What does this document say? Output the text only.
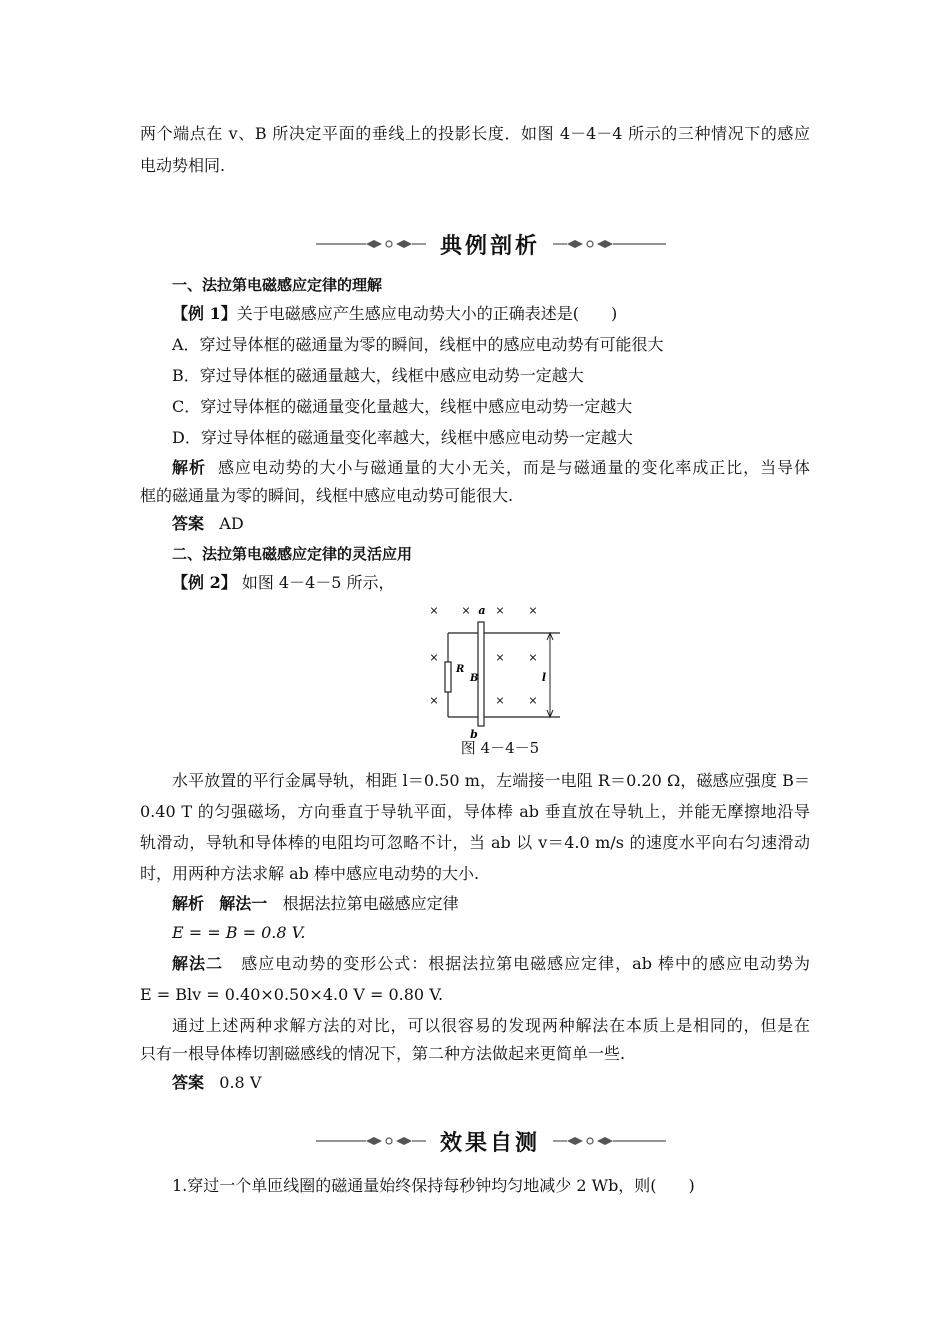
两个端点在 v、B 所决定平面的垂线上的投影长度．如图 4－4－4 所示的三种情况下的感应
电动势相同.
典例剖析
一、法拉第电磁感应定律的理解
【例 1】关于电磁感应产生感应电动势大小的正确表述是(　　)
A．穿过导体框的磁通量为零的瞬间，线框中的感应电动势有可能很大
B．穿过导体框的磁通量越大，线框中感应电动势一定越大
C．穿过导体框的磁通量变化量越大，线框中感应电动势一定越大
D．穿过导体框的磁通量变化率越大，线框中感应电动势一定越大
解析 感应电动势的大小与磁通量的大小无关，而是与磁通量的变化率成正比，当导体
框的磁通量为零的瞬间，线框中感应电动势可能很大.
答案 AD
二、法拉第电磁感应定律的灵活应用
【例 2】 如图 4－4－5 所示，
× × × ×
a
R
B
×	× ×
×	× ×
l
b
图 4－4－5
水平放置的平行金属导轨，相距 l＝0.50 m，左端接一电阻 R＝0.20 Ω，磁感应强度 B＝
0.40 T 的匀强磁场，方向垂直于导轨平面，导体棒 ab 垂直放在导轨上，并能无摩擦地沿导
轨滑动，导轨和导体棒的电阻均可忽略不计，当 ab 以 v＝4.0 m/s 的速度水平向右匀速滑动
时，用两种方法求解 ab 棒中感应电动势的大小.
解析 解法一 根据法拉第电磁感应定律
E = = B = 0.8 V.
解法二 感应电动势的变形公式：根据法拉第电磁感应定律，ab 棒中的感应电动势为
E = Blv = 0.40×0.50×4.0 V = 0.80 V.
通过上述两种求解方法的对比，可以很容易的发现两种解法在本质上是相同的，但是在
只有一根导体棒切割磁感线的情况下，第二种方法做起来更简单一些.
答案 0.8 V
效果自测
1.穿过一个单匝线圈的磁通量始终保持每秒钟均匀地减少 2 Wb，则(　　)
